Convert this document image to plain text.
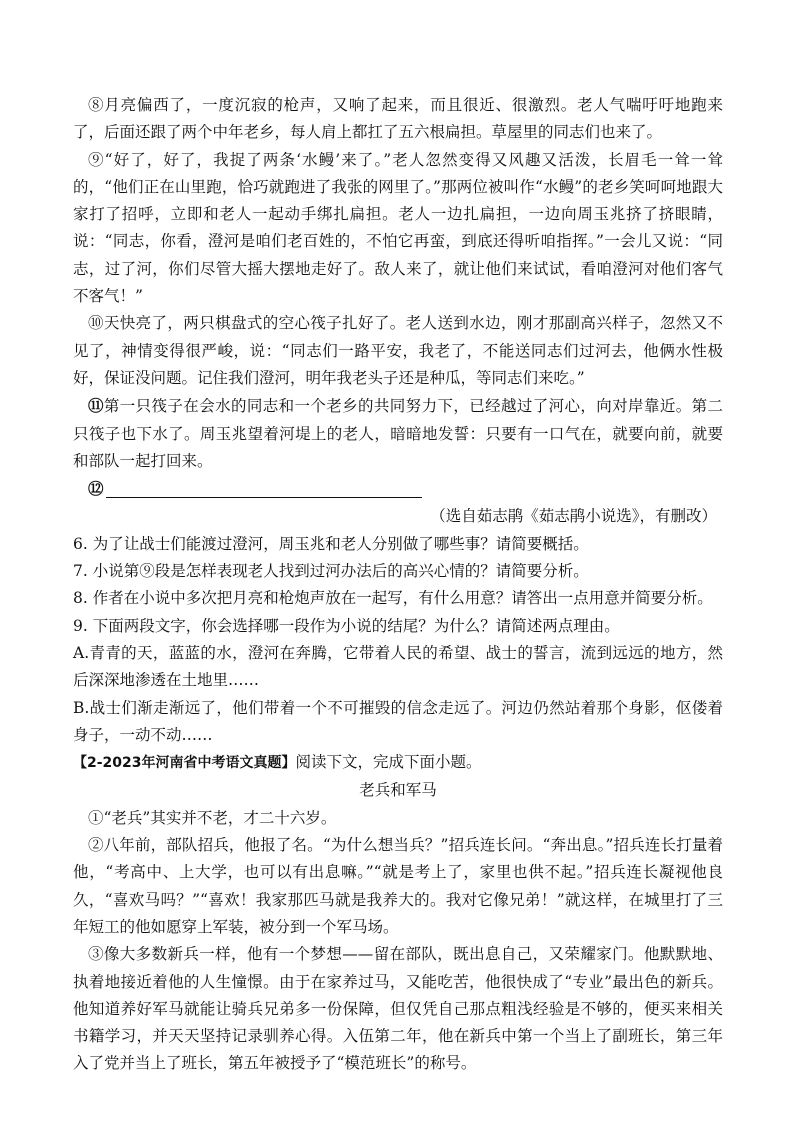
⑧月亮偏西了，一度沉寂的枪声，又响了起来，而且很近、很激烈。老人气喘吁吁地跑来了，后面还跟了两个中年老乡，每人肩上都扛了五六根扁担。草屋里的同志们也来了。

⑨“好了，好了，我捉了两条‘水鳗’来了。”老人忽然变得又风趣又活泼，长眉毛一耸一耸的，“他们正在山里跑，恰巧就跑进了我张的网里了。”那两位被叫作“水鳗”的老乡笑呵呵地跟大家打了招呼，立即和老人一起动手绑扎扁担。老人一边扎扁担，一边向周玉兆挤了挤眼睛，说：“同志，你看，澄河是咱们老百姓的，不怕它再蛮，到底还得听咱指挥。”一会儿又说：“同志，过了河，你们尽管大摇大摆地走好了。敌人来了，就让他们来试试，看咱澄河对他们客气不客气！”

⑩天快亮了，两只棋盘式的空心筏子扎好了。老人送到水边，刚才那副高兴样子，忽然又不见了，神情变得很严峻，说：“同志们一路平安，我老了，不能送同志们过河去，他俩水性极好，保证没问题。记住我们澄河，明年我老头子还是种瓜，等同志们来吃。”

⑪第一只筏子在会水的同志和一个老乡的共同努力下，已经越过了河心，向对岸靠近。第二只筏子也下水了。周玉兆望着河堤上的老人，暗暗地发誓：只要有一口气在，就要向前，就要和部队一起打回来。

⑫

（选自茹志鹃《茹志鹃小说选》，有删改）

6. 为了让战士们能渡过澄河，周玉兆和老人分别做了哪些事？请简要概括。

7. 小说第⑨段是怎样表现老人找到过河办法后的高兴心情的？请简要分析。

8. 作者在小说中多次把月亮和枪炮声放在一起写，有什么用意？请答出一点用意并简要分析。

9. 下面两段文字，你会选择哪一段作为小说的结尾？为什么？请简述两点理由。

A.青青的天，蓝蓝的水，澄河在奔腾，它带着人民的希望、战士的誓言，流到远远的地方，然后深深地渗透在土地里……

B.战士们渐走渐远了，他们带着一个不可摧毁的信念走远了。河边仍然站着那个身影，伛偻着身子，一动不动……

【2-2023年河南省中考语文真题】阅读下文，完成下面小题。

老兵和军马

①“老兵”其实并不老，才二十六岁。

②八年前，部队招兵，他报了名。“为什么想当兵？”招兵连长问。“奔出息。”招兵连长打量着他，“考高中、上大学，也可以有出息嘛。”“就是考上了，家里也供不起。”招兵连长凝视他良久，“喜欢马吗？”“喜欢！我家那匹马就是我养大的。我对它像兄弟！”就这样，在城里打了三年短工的他如愿穿上军装，被分到一个军马场。

③像大多数新兵一样，他有一个梦想——留在部队，既出息自己，又荣耀家门。他默默地、执着地接近着他的人生憧憬。由于在家养过马，又能吃苦，他很快成了“专业”最出色的新兵。他知道养好军马就能让骑兵兄弟多一份保障，但仅凭自己那点粗浅经验是不够的，便买来相关书籍学习，并天天坚持记录驯养心得。入伍第二年，他在新兵中第一个当上了副班长，第三年入了党并当上了班长，第五年被授予了“模范班长”的称号。
